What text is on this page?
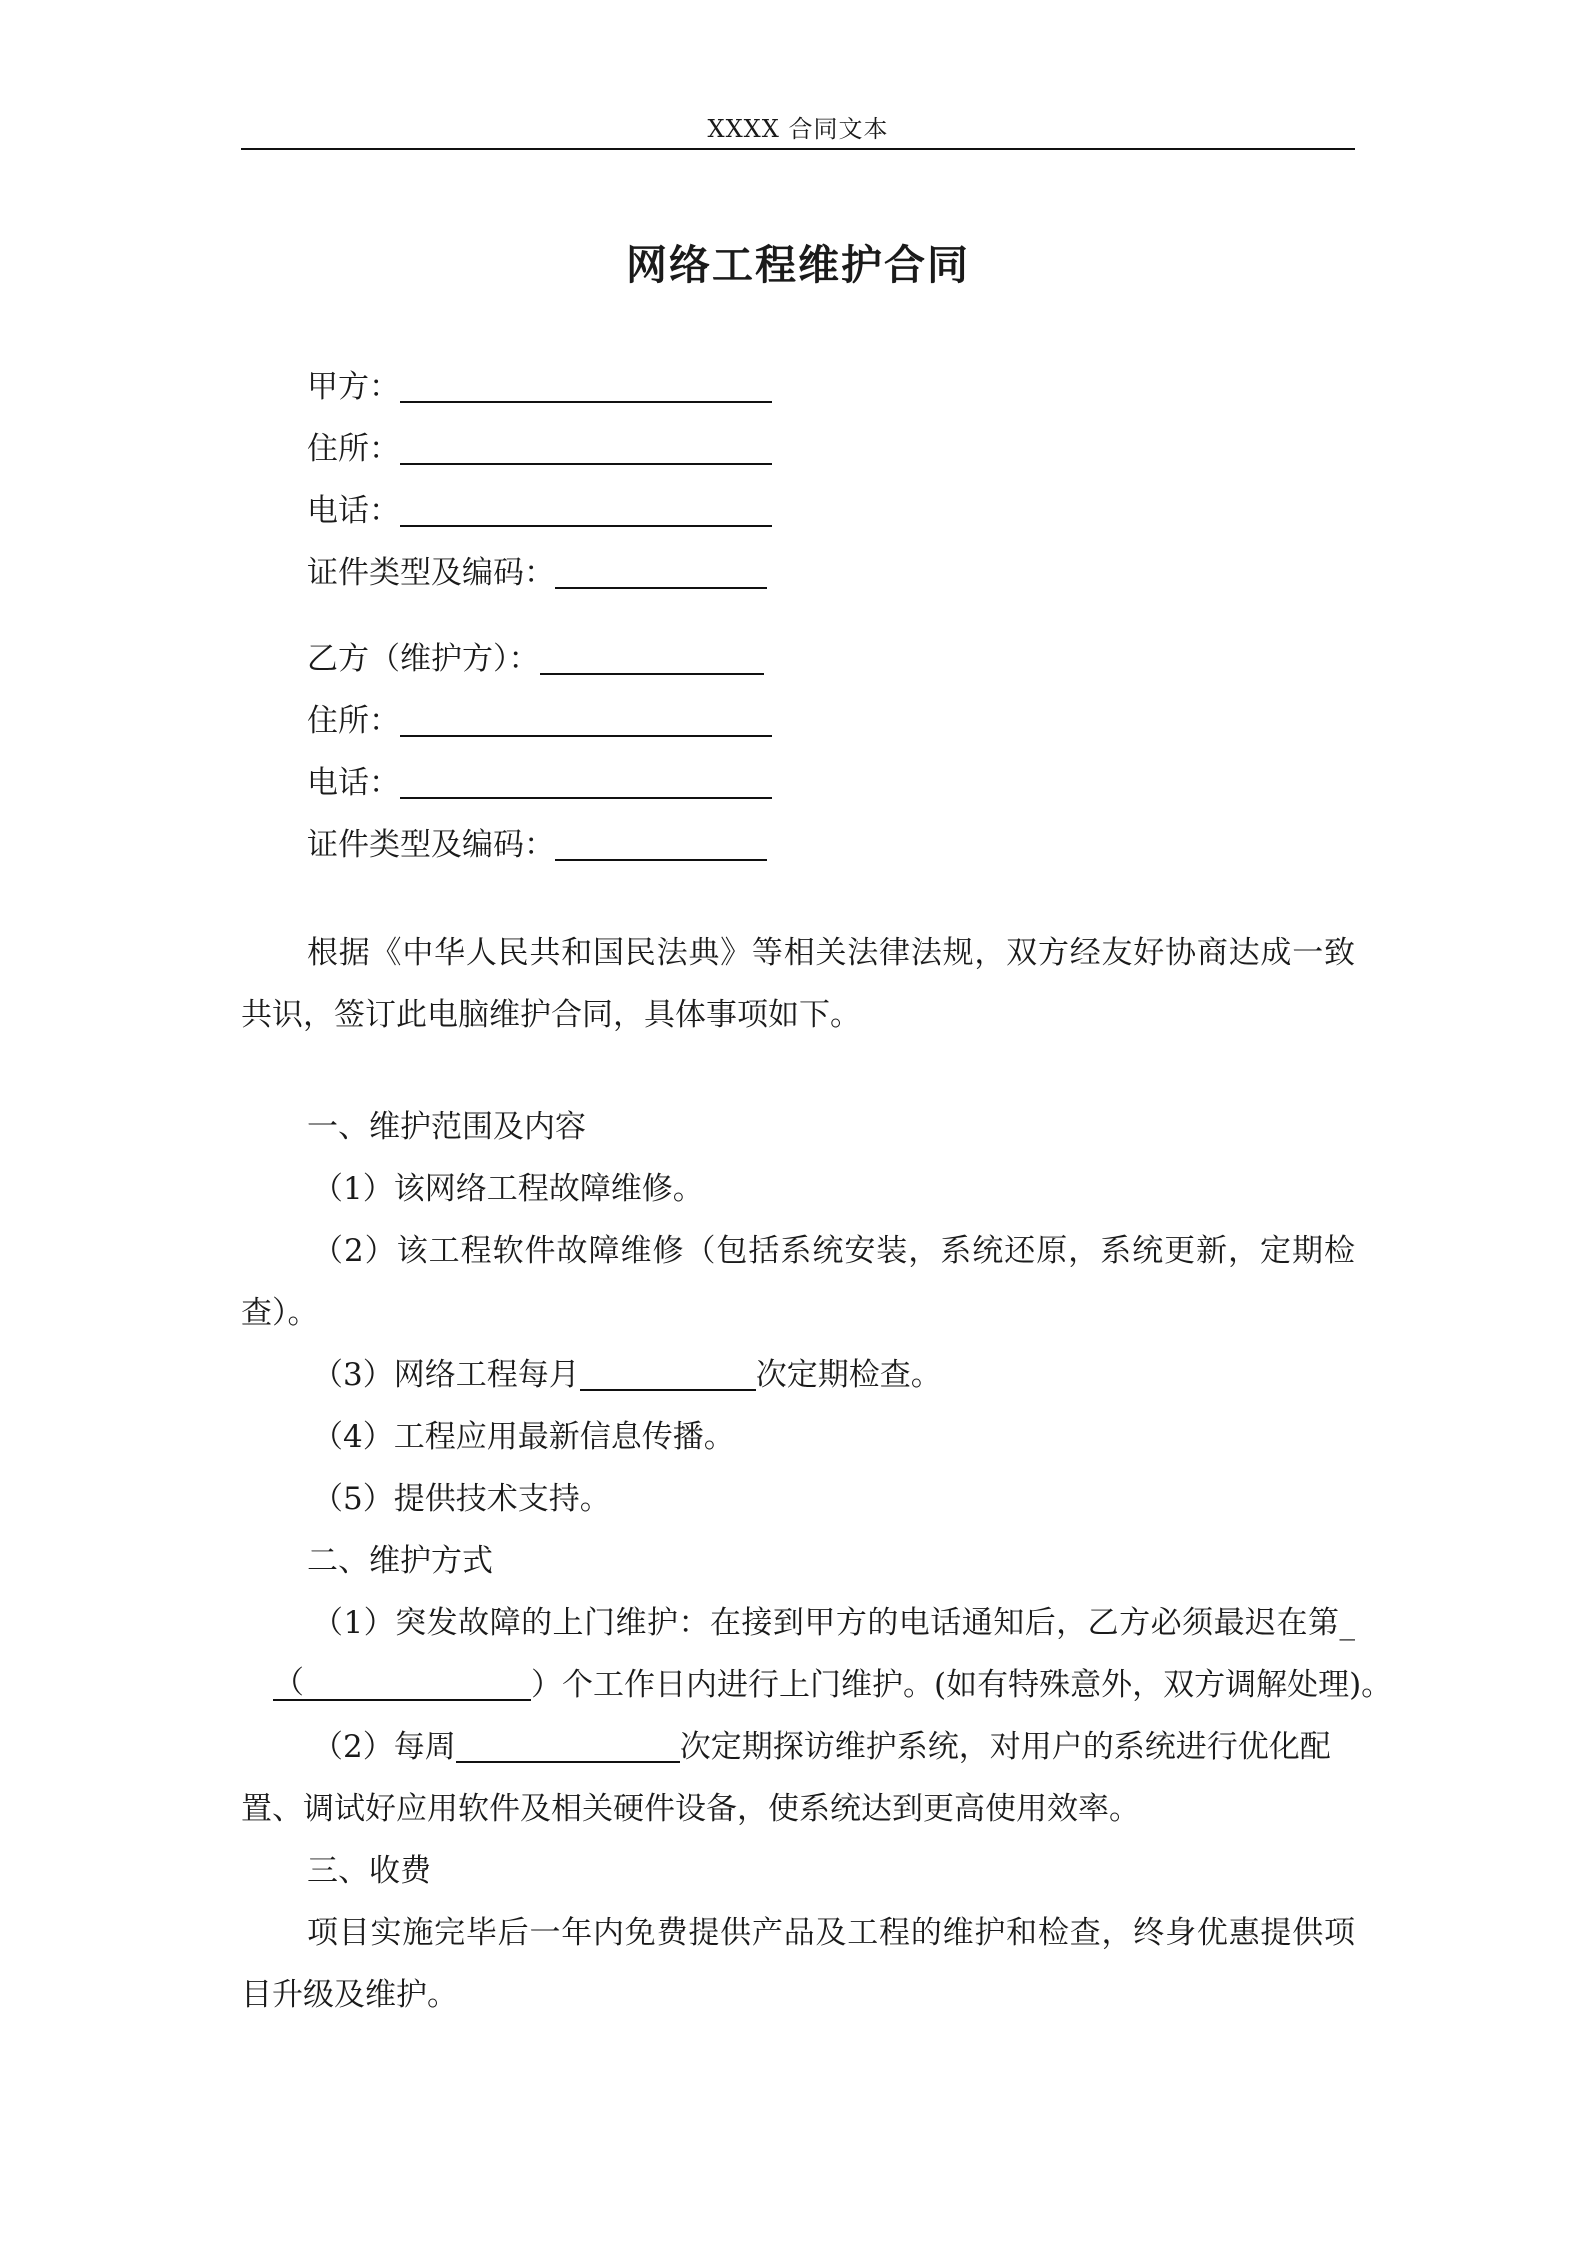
XXXX 合同文本
网络工程维护合同
甲方：
住所：
电话：
证件类型及编码：
乙方（维护方）：
住所：
电话：
证件类型及编码：
根据《中华人民共和国民法典》等相关法律法规，双方经友好协商达成一致
共识，签订此电脑维护合同，具体事项如下。
一、维护范围及内容
（1）该网络工程故障维修。
（2）该工程软件故障维修（包括系统安装，系统还原，系统更新，定期检
查）。
（3）网络工程每月	次定期检查。
（4）工程应用最新信息传播。
（5）提供技术支持。
二、维护方式
（1）突发故障的上门维护：在接到甲方的电话通知后，乙方必须最迟在第_
（	）个工作日内进行上门维护。(如有特殊意外，双方调解处理)。
（2）每周	次定期探访维护系统，对用户的系统进行优化配
置、调试好应用软件及相关硬件设备，使系统达到更高使用效率。
三、收费
项目实施完毕后一年内免费提供产品及工程的维护和检查，终身优惠提供项
目升级及维护。
